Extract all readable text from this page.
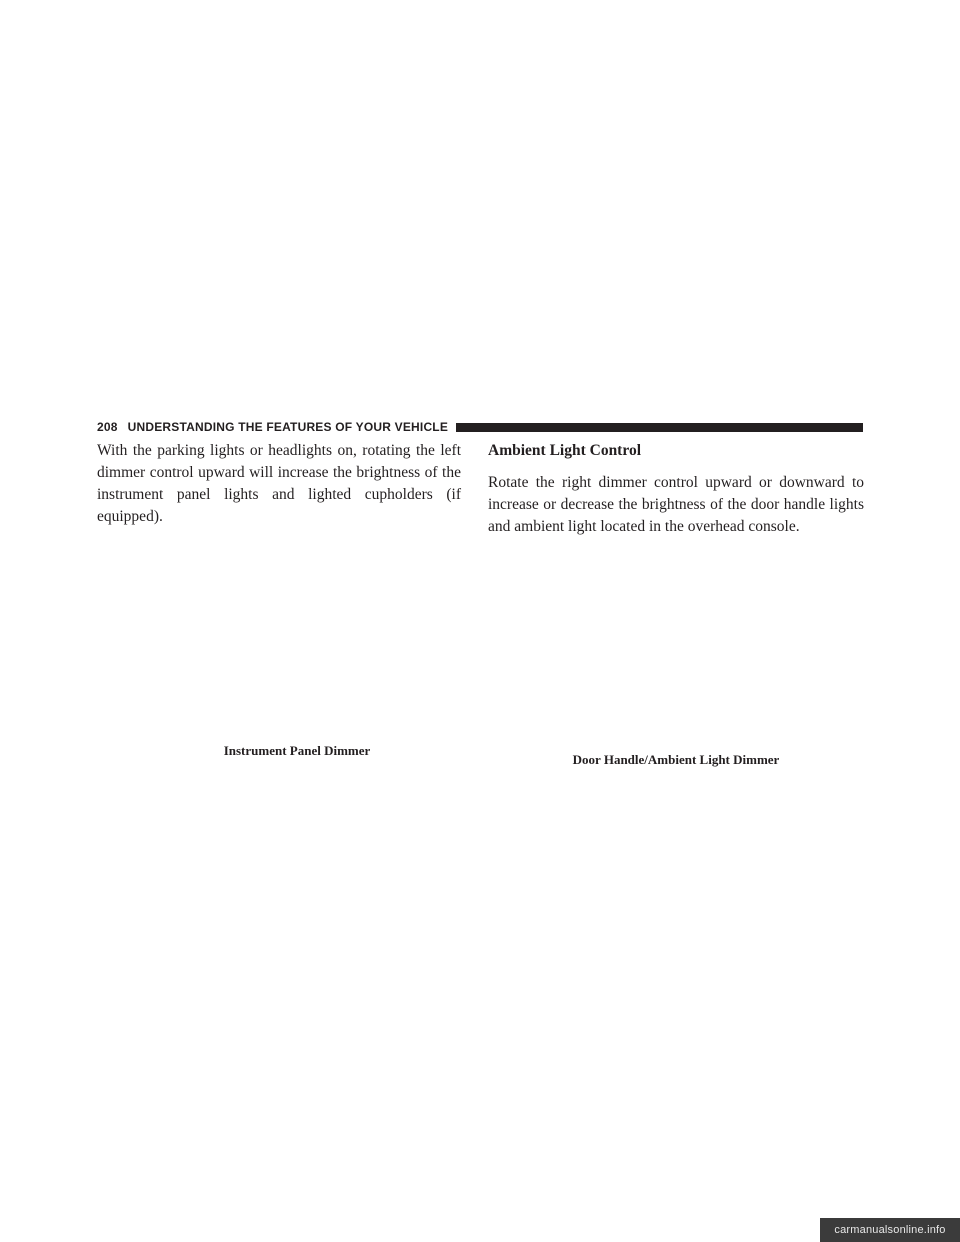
208 UNDERSTANDING THE FEATURES OF YOUR VEHICLE

With the parking lights or headlights on, rotating the left dimmer control upward will increase the brightness of the instrument panel lights and lighted cupholders (if equipped).

Ambient Light Control

Rotate the right dimmer control upward or downward to increase or decrease the brightness of the door handle lights and ambient light located in the overhead console.

Instrument Panel Dimmer
Door Handle/Ambient Light Dimmer
carmanualsonline.info
